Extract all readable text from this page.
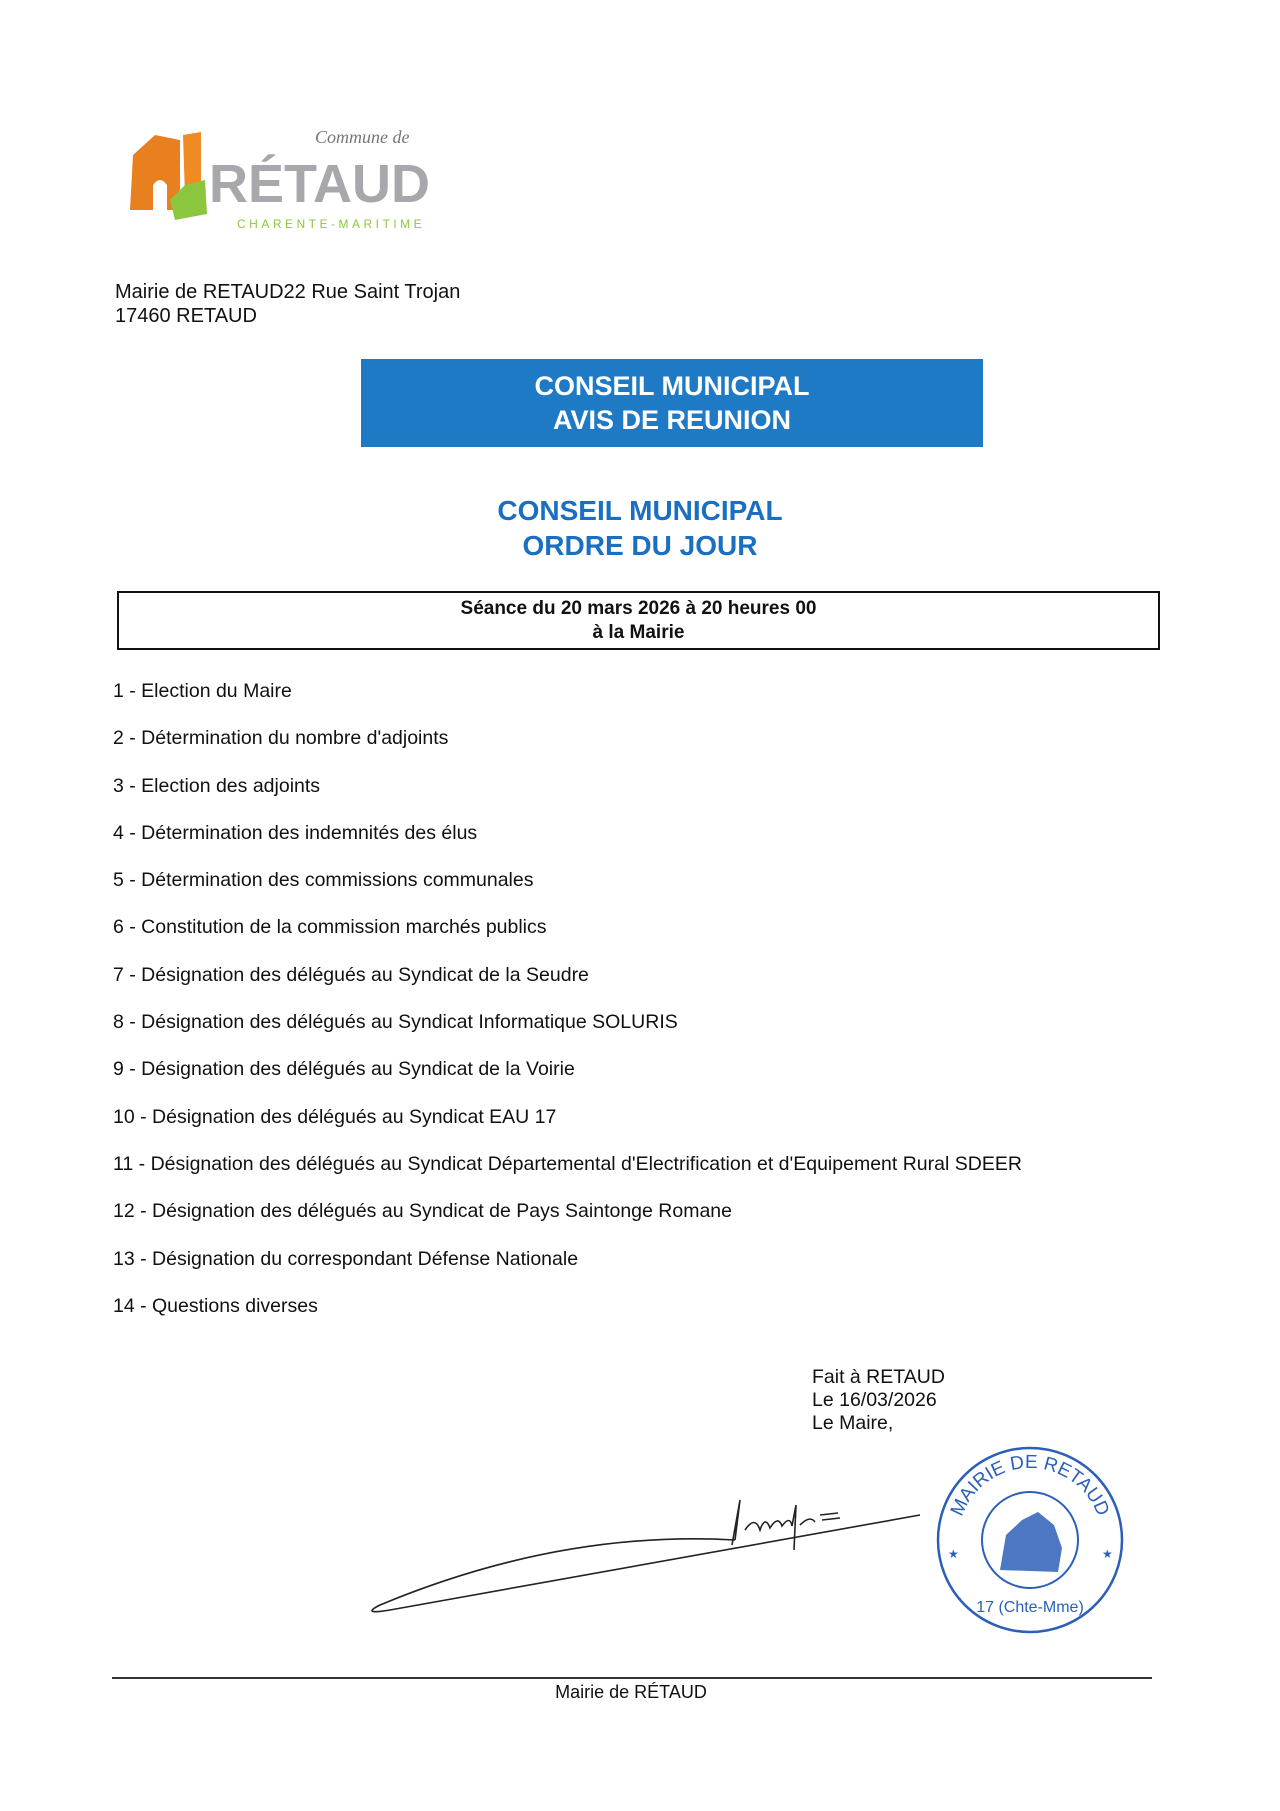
Commune de
RÉTAUD
CHARENTE-MARITIME
Mairie de RETAUD22 Rue Saint Trojan
17460 RETAUD
CONSEIL MUNICIPAL
AVIS DE REUNION
CONSEIL MUNICIPAL
ORDRE DU JOUR
Séance du 20 mars 2026 à 20 heures 00
à la Mairie
1 - Election du Maire
2 - Détermination du nombre d'adjoints
3 - Election des adjoints
4 - Détermination des indemnités des élus
5 - Détermination des commissions communales
6 - Constitution de la commission marchés publics
7 - Désignation des délégués au Syndicat de la Seudre
8 - Désignation des délégués au Syndicat Informatique SOLURIS
9 - Désignation des délégués au Syndicat de la Voirie
10 - Désignation des délégués au Syndicat EAU 17
11 - Désignation des délégués au Syndicat Départemental d'Electrification et d'Equipement Rural SDEER
12 - Désignation des délégués au Syndicat de Pays Saintonge Romane
13 - Désignation du correspondant Défense Nationale
14 - Questions diverses
Fait à RETAUD
Le 16/03/2026
Le Maire,
★	★
MAIRIE DE RETAUD
17 (Chte-Mme)
Mairie de RÉTAUD
